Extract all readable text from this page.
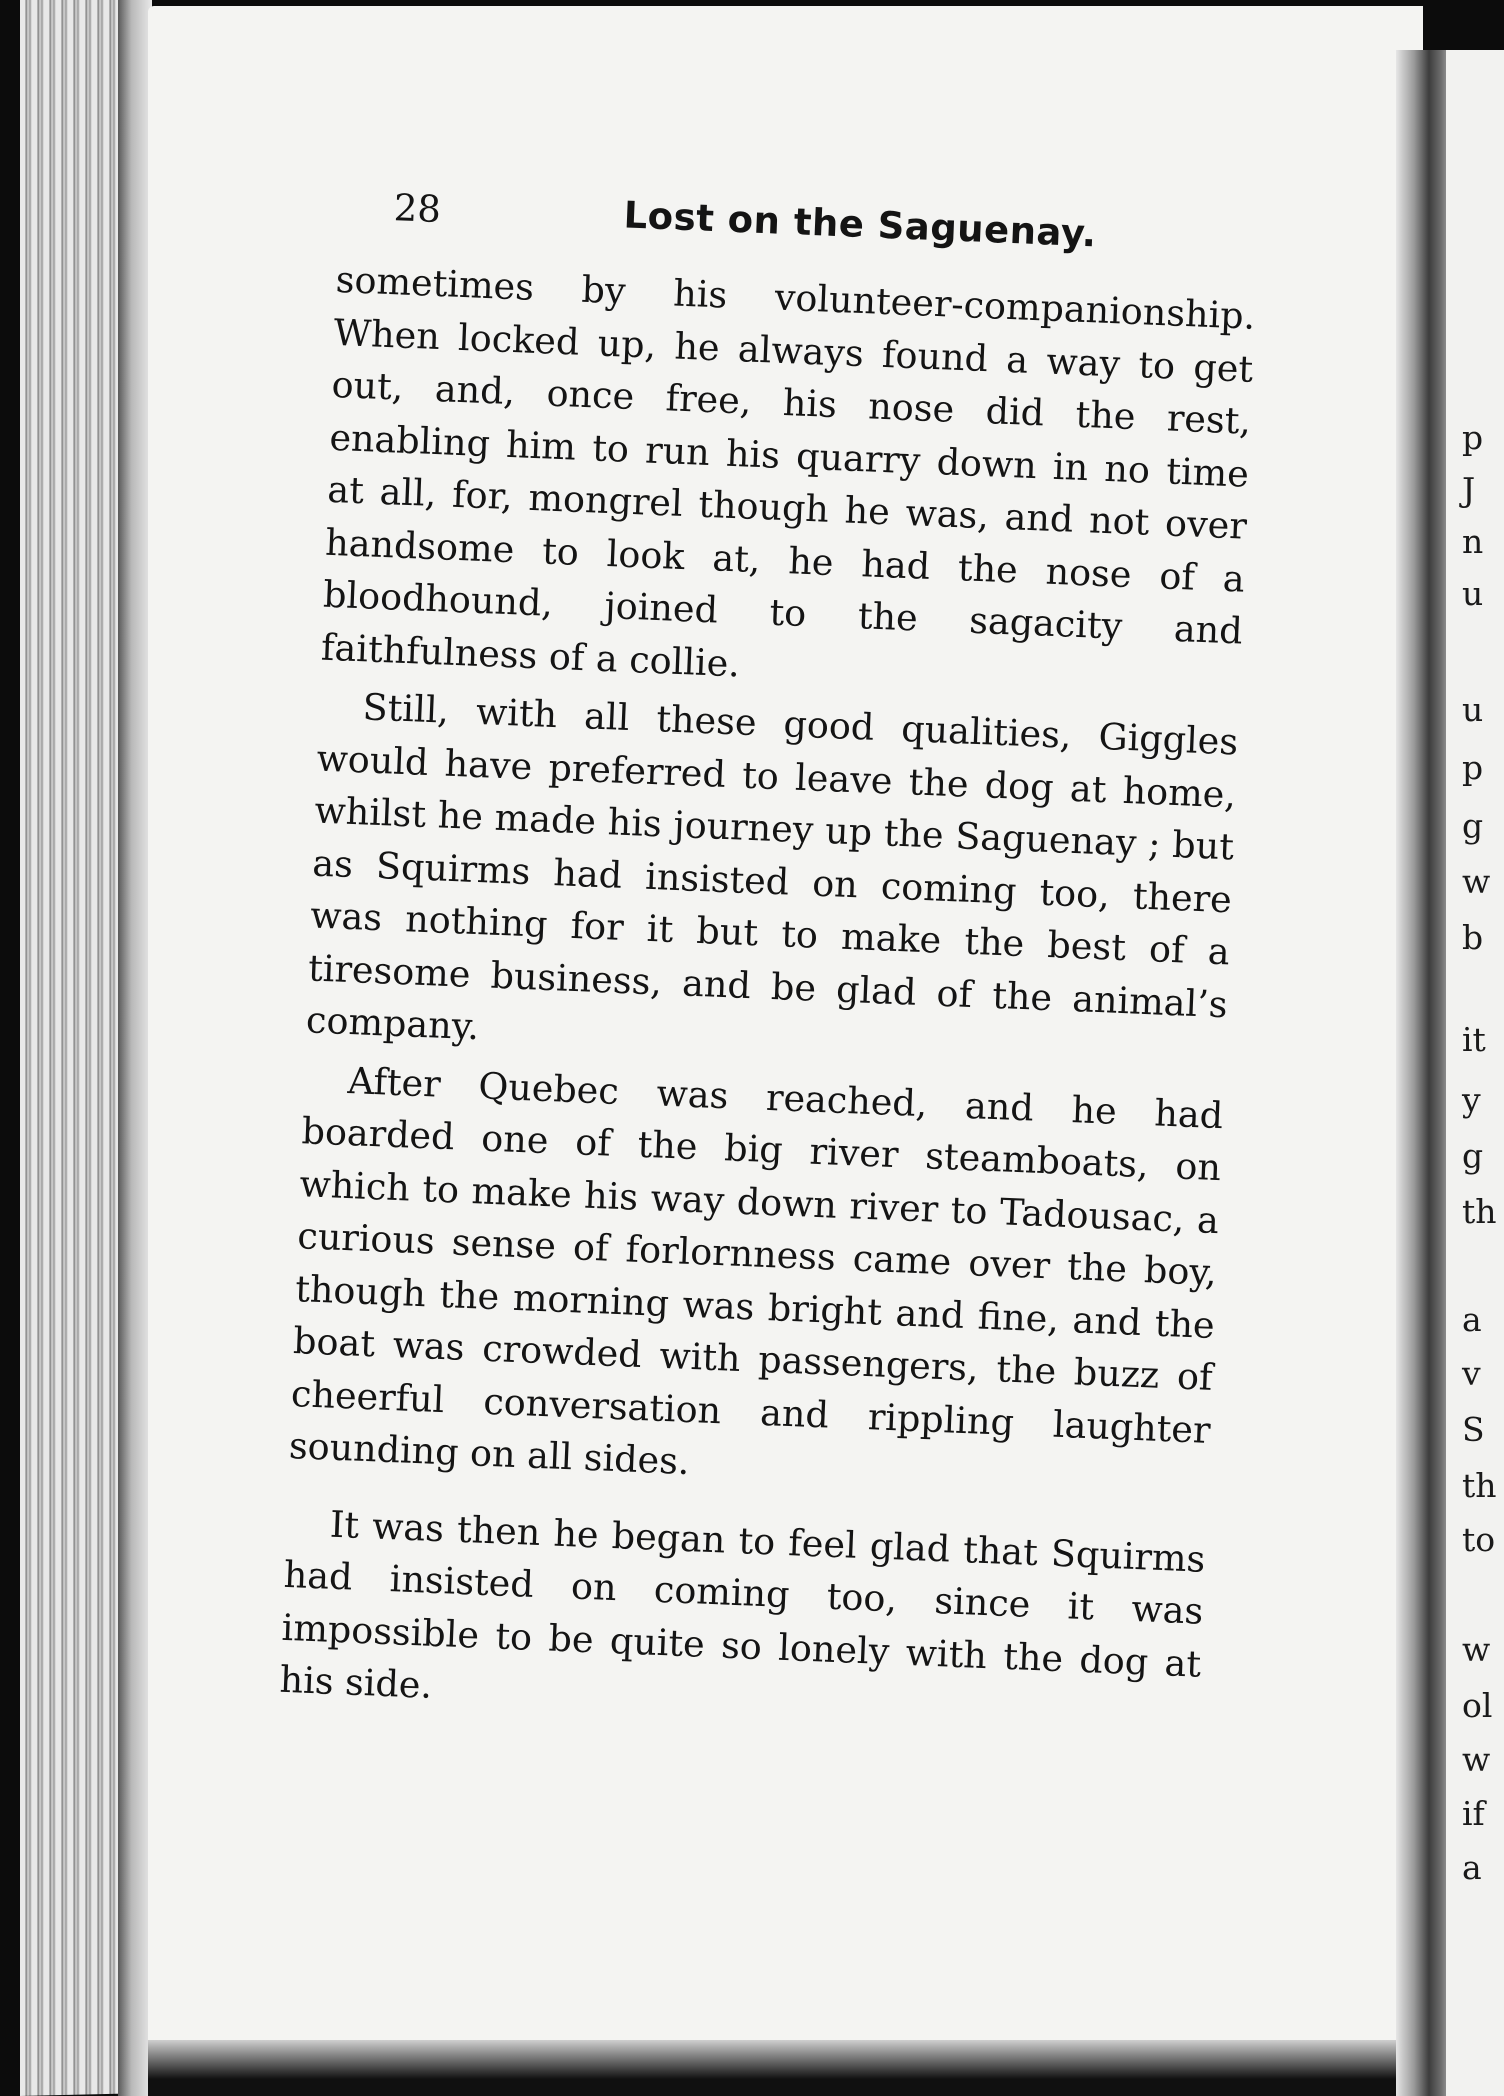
28	Lost on the Saguenay.

sometimes by his volunteer-companionship. When locked up, he always found a way to get out, and, once free, his nose did the rest, enabling him to run his quarry down in no time at all, for, mongrel though he was, and not over handsome to look at, he had the nose of a bloodhound, joined to the sagacity and faithfulness of a collie.

Still, with all these good qualities, Giggles would have preferred to leave the dog at home, whilst he made his journey up the Saguenay ; but as Squirms had insisted on coming too, there was nothing for it but to make the best of a tiresome business, and be glad of the animal’s company.

After Quebec was reached, and he had boarded one of the big river steamboats, on which to make his way down river to Tadousac, a curious sense of forlornness came over the boy, though the morning was bright and fine, and the boat was crowded with passengers, the buzz of cheerful conversation and rippling laughter sounding on all sides.

It was then he began to feel glad that Squirms had insisted on coming too, since it was impossible to be quite so lonely with the dog at his side.

p
J
n
u
u
p
g
w
b
it
y
g
th
a
v
S
th
to
w
ol
w
if
a
